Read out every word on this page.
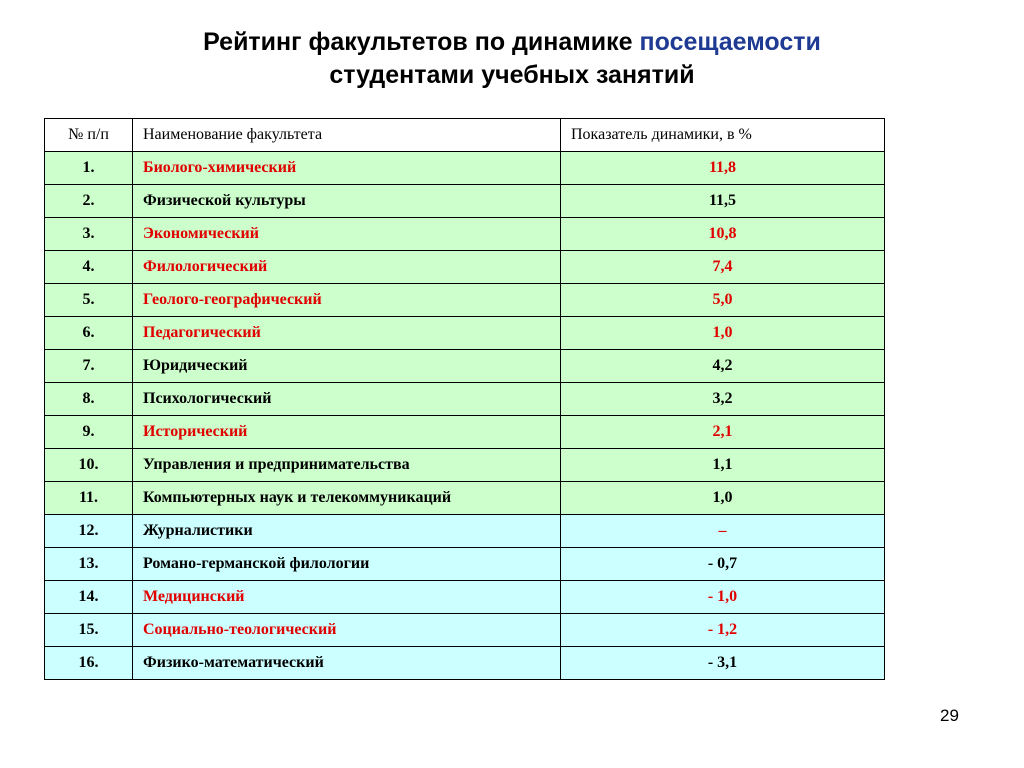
Рейтинг факультетов по динамике посещаемости
студентами учебных занятий
№ п/п	Наименование факультета	Показатель динамики, в %
1.	Биолого-химический	11,8
2.	Физической культуры	11,5
3.	Экономический	10,8
4.	Филологический	7,4
5.	Геолого-географический	5,0
6.	Педагогический	1,0
7.	Юридический	4,2
8.	Психологический	3,2
9.	Исторический	2,1
10.	Управления и предпринимательства	1,1
11.	Компьютерных наук и телекоммуникаций	1,0
12.	Журналистики	–
13.	Романо-германской филологии	- 0,7
14.	Медицинский	- 1,0
15.	Социально-теологический	- 1,2
16.	Физико-математический	- 3,1
29
